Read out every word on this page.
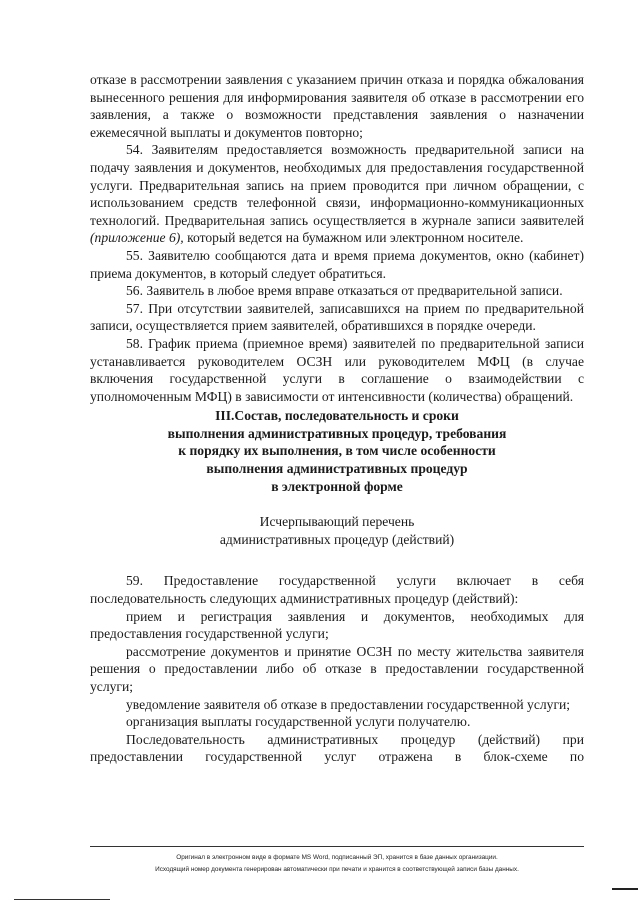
отказе в рассмотрении заявления с указанием причин отказа и порядка обжалования вынесенного решения для информирования заявителя об отказе в рассмотрении его заявления, а также о возможности представления заявления о назначении ежемесячной выплаты и документов повторно;

54. Заявителям предоставляется возможность предварительной записи на подачу заявления и документов, необходимых для предоставления государственной услуги. Предварительная запись на прием проводится при личном обращении, с использованием средств телефонной связи, информационно-коммуникационных технологий. Предварительная запись осуществляется в журнале записи заявителей (приложение 6), который ведется на бумажном или электронном носителе.

55. Заявителю сообщаются дата и время приема документов, окно (кабинет) приема документов, в который следует обратиться.

56. Заявитель в любое время вправе отказаться от предварительной записи.

57. При отсутствии заявителей, записавшихся на прием по предварительной записи, осуществляется прием заявителей, обратившихся в порядке очереди.

58. График приема (приемное время) заявителей по предварительной записи устанавливается руководителем ОСЗН или руководителем МФЦ (в случае включения государственной услуги в соглашение о взаимодействии с уполномоченным МФЦ) в зависимости от интенсивности (количества) обращений.

III.Состав, последовательность и сроки
выполнения административных процедур, требования
к порядку их выполнения, в том числе особенности
выполнения административных процедур
в электронной форме
Исчерпывающий перечень
административных процедур (действий)

59. Предоставление государственной услуги включает в себя последовательность следующих административных процедур (действий):

прием и регистрация заявления и документов, необходимых для предоставления государственной услуги;

рассмотрение документов и принятие ОСЗН по месту жительства заявителя решения о предоставлении либо об отказе в предоставлении государственной услуги;

уведомление заявителя об отказе в предоставлении государственной услуги;

организация выплаты государственной услуги получателю.

Последовательность административных процедур (действий) при предоставлении государственной услуг отражена в блок-схеме по

Оригинал в электронном виде в формате MS Word, подписанный ЭП, хранится в базе данных организации.
Исходящий номер документа генерирован автоматически при печати и хранится в соответствующей записи базы данных.
